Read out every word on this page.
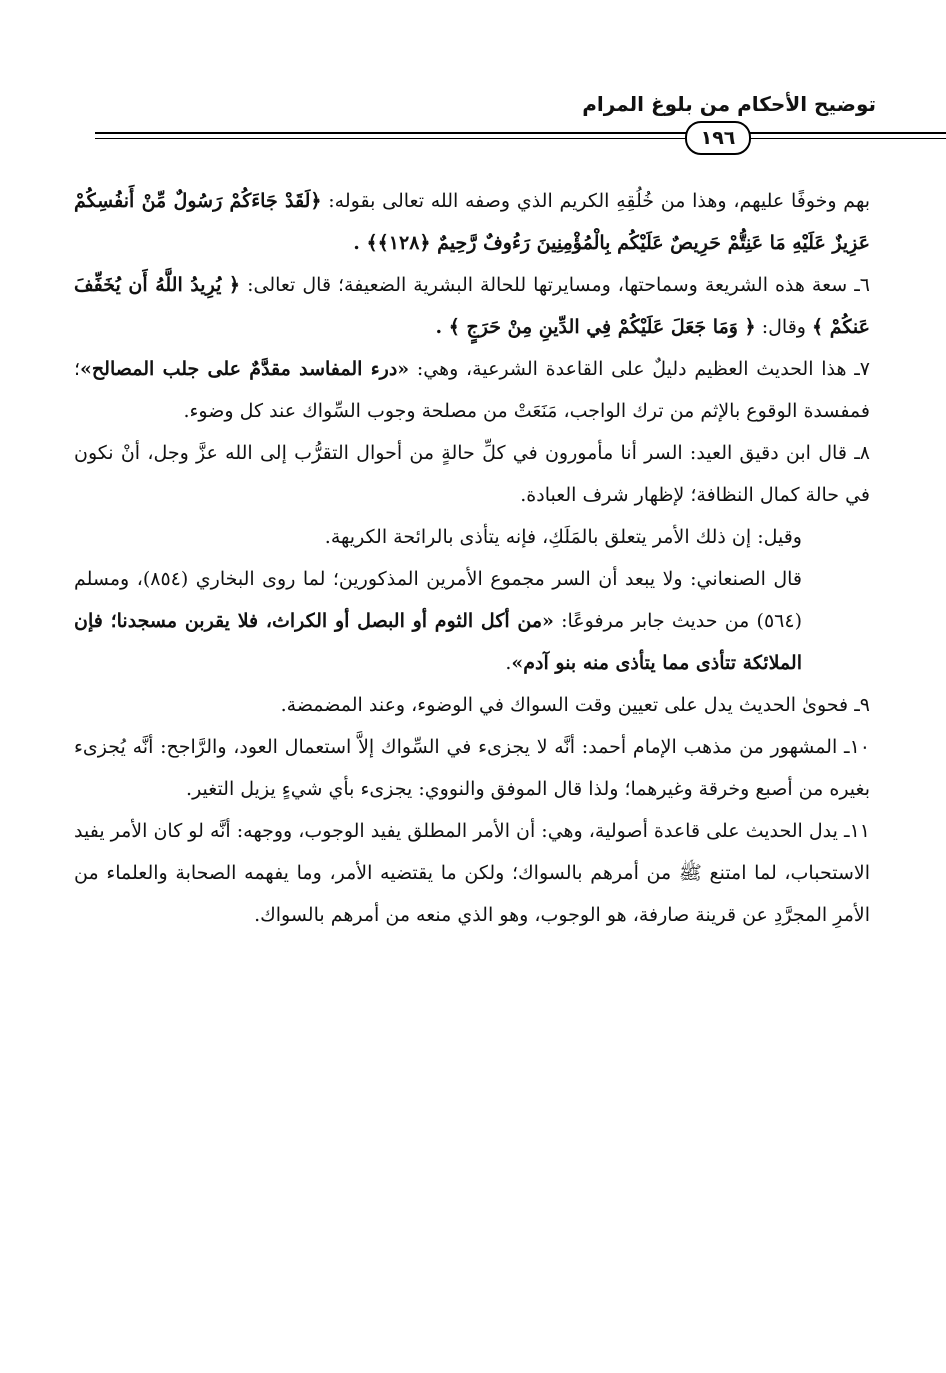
توضيح الأحكام من بلوغ المرام
١٩٦

بهم وخوفًا عليهم، وهذا من خُلُقِهِ الكريم الذي وصفه الله تعالى بقوله: ﴿لَقَدْ جَاءَكُمْ رَسُولٌ مِّنْ أَنفُسِكُمْ عَزِيزٌ عَلَيْهِ مَا عَنِتُّمْ حَرِيصٌ عَلَيْكُم بِالْمُؤْمِنِينَ رَءُوفٌ رَّحِيمٌ ﴿١٢٨﴾﴾ .

٦ـ سعة هذه الشريعة وسماحتها، ومسايرتها للحالة البشرية الضعيفة؛ قال تعالى: ﴿ يُرِيدُ اللَّهُ أَن يُخَفِّفَ عَنكُمْ ﴾ وقال: ﴿ وَمَا جَعَلَ عَلَيْكُمْ فِي الدِّينِ مِنْ حَرَجٍ ﴾ .

٧ـ هذا الحديث العظيم دليلٌ على القاعدة الشرعية، وهي: «درء المفاسد مقدَّمٌ على جلب المصالح»؛ فمفسدة الوقوع بالإثم من ترك الواجب، مَنَعَتْ من مصلحة وجوب السِّواك عند كل وضوء.

٨ـ قال ابن دقيق العيد: السر أنا مأمورون في كلِّ حالةٍ من أحوال التقرُّب إلى الله عزَّ وجل، أنْ نكون في حالة كمال النظافة؛ لإظهار شرف العبادة.

وقيل: إن ذلك الأمر يتعلق بالمَلَكِ، فإنه يتأذى بالرائحة الكريهة.

قال الصنعاني: ولا يبعد أن السر مجموع الأمرين المذكورين؛ لما روى البخاري (٨٥٤)، ومسلم (٥٦٤) من حديث جابر مرفوعًا: «من أكل الثوم أو البصل أو الكراث، فلا يقربن مسجدنا؛ فإن الملائكة تتأذى مما يتأذى منه بنو آدم».

٩ـ فحوىٰ الحديث يدل على تعيين وقت السواك في الوضوء، وعند المضمضة.

١٠ـ المشهور من مذهب الإمام أحمد: أنَّه لا يجزىء في السِّواك إلاَّ استعمال العود، والرَّاجح: أنَّه يُجزىء بغيره من أصبع وخرقة وغيرهما؛ ولذا قال الموفق والنووي: يجزىء بأي شيءٍ يزيل التغير.

١١ـ يدل الحديث على قاعدة أصولية، وهي: أن الأمر المطلق يفيد الوجوب، ووجهه: أنَّه لو كان الأمر يفيد الاستحباب، لما امتنع ﷺ من أمرهم بالسواك؛ ولكن ما يقتضيه الأمر، وما يفهمه الصحابة والعلماء من الأمرِ المجرَّدِ عن قرينة صارفة، هو الوجوب، وهو الذي منعه من أمرهم بالسواك.
